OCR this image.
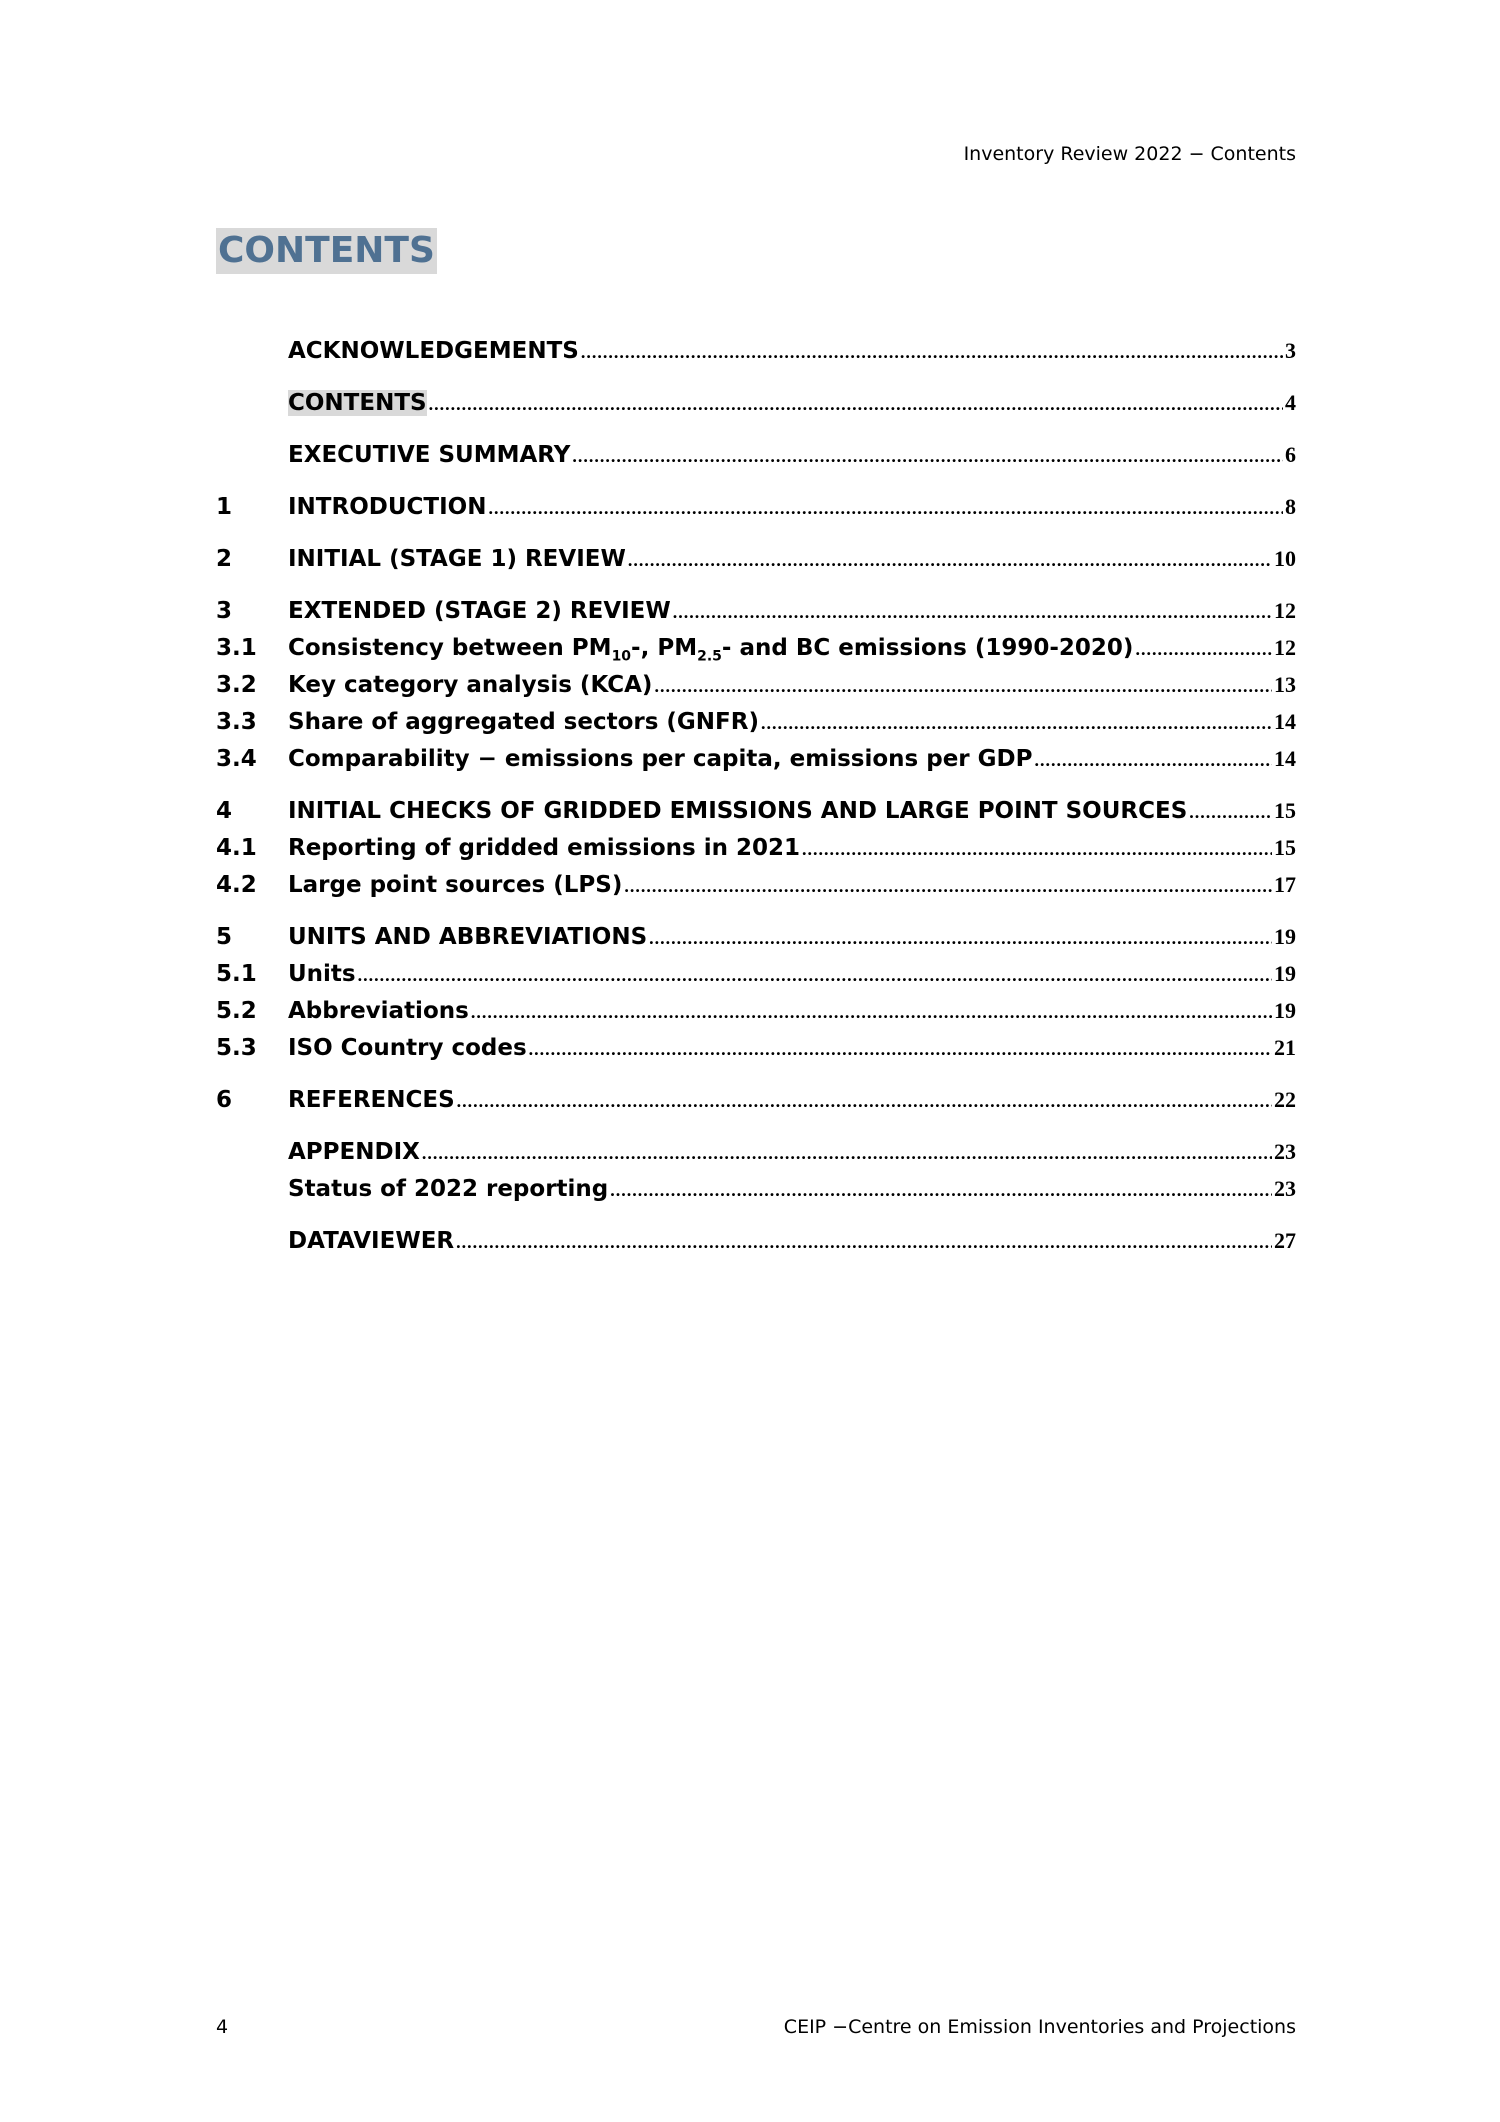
Inventory Review 2022 − Contents
CONTENTS
ACKNOWLEDGEMENTS .....	3
CONTENTS .....	4
EXECUTIVE SUMMARY .....	6
1	INTRODUCTION .....	8
2	INITIAL (STAGE 1) REVIEW .....	10
3	EXTENDED (STAGE 2) REVIEW .....	12
3.1	Consistency between $PM_{10}-$, $PM_{2.5}-$ and BC emissions (1990-2020) .....	12
3.2	Key category analysis (KCA) .....	13
3.3	Share of aggregated sectors (GNFR) .....	14
3.4	Comparability − emissions per capita, emissions per GDP .....	14
4	INITIAL CHECKS OF GRIDDED EMISSIONS AND LARGE POINT SOURCES .....	15
4.1	Reporting of gridded emissions in 2021 .....	15
4.2	Large point sources (LPS) .....	17
5	UNITS AND ABBREVIATIONS .....	19
5.1	Units .....	19
5.2	Abbreviations .....	19
5.3	ISO Country codes .....	21
6	REFERENCES .....	22
APPENDIX .....	23
Status of 2022 reporting .....	23
DATAVIEWER .....	27
4	CEIP −Centre on Emission Inventories and Projections
